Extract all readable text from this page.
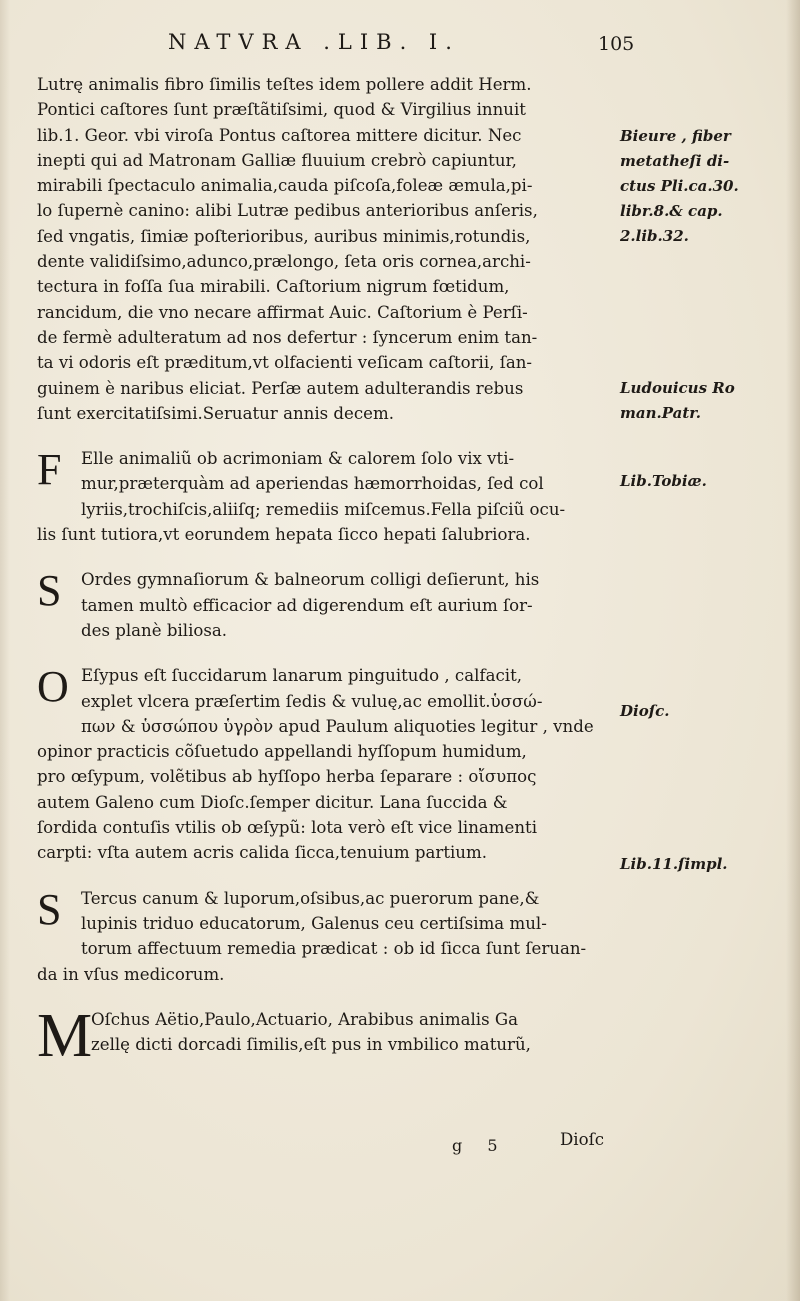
NATVRA .LIB. I.	105
Lutrę animalis fibro ſimilis teſtes idem pollere addit Herm.
Pontici caſtores ſunt præſtãtiſsimi, quod & Virgilius innuit
lib.1. Geor. vbi viroſa Pontus caſtorea mittere dicitur. Nec
inepti qui ad Matronam Galliæ fluuium crebrò capiuntur,
mirabili ſpectaculo animalia,cauda piſcoſa,foleæ æmula,pi-
lo ſupernè canino: alibi Lutræ pedibus anterioribus anſeris,
ſed vngatis, ſimiæ poſterioribus, auribus minimis,rotundis,
dente validiſsimo,adunco,prælongo, ſeta oris cornea,archi-
tectura in foſſa ſua mirabili. Caſtorium nigrum fœtidum,
rancidum, die vno necare affirmat Auic. Caſtorium è Perſi-
de fermè adulteratum ad nos defertur : ſyncerum enim tan-
ta vi odoris eſt præditum,vt olfacienti veſicam caſtorii, ſan-
guinem è naribus eliciat. Perſæ autem adulterandis rebus
ſunt exercitatiſsimi.Seruatur annis decem.
F	Elle animaliũ ob acrimoniam & calorem ſolo vix vti-
mur,præterquàm ad aperiendas hæmorrhoidas, ſed col
lyriis,trochiſcis,aliiſq; remediis miſcemus.Fella piſciũ ocu-
lis ſunt tutiora,vt eorundem hepata ſicco hepati ſalubriora.
S	Ordes gymnaſiorum & balneorum colligi deſierunt, his
tamen multò efficacior ad digerendum eſt aurium ſor-
des planè biliosa.
O Eſypus eſt ſuccidarum lanarum pinguitudo , calfacit,
explet vlcera præſertim ſedis & vuluę,ac emollit.ὑσσώ-
πων & ὑσσώπου ὑγρὸν apud Paulum aliquoties legitur , vnde
opinor practicis cõſuetudo appellandi hyſſopum humidum,
pro œſypum, volẽtibus ab hyſſopo herba ſeparare : οἴσυπος
autem Galeno cum Dioſc.ſemper dicitur. Lana ſuccida &
ſordida contuſis vtilis ob œſypũ: lota verò eſt vice linamenti
carpti: vſta autem acris calida ſicca,tenuium partium.
S	Tercus canum & luporum,oſsibus,ac puerorum pane,&
lupinis triduo educatorum, Galenus ceu certiſsima mul-
torum affectuum remedia prædicat : ob id ſicca ſunt ſeruan-
da in vſus medicorum.
M
Oſchus Aëtio,Paulo,Actuario, Arabibus animalis Ga
zellę dicti dorcadi ſimilis,eſt pus in vmbilico maturũ,
Bieure , fiber
metatheſi di-
ctus Pli.ca.30.
libr.8.& cap.
2.lib.32.
Ludouicus Ro
man.Patr.
Lib.Tobiæ.
Dioſc.
Lib.11.ſimpl.
g 5	Dioſc
